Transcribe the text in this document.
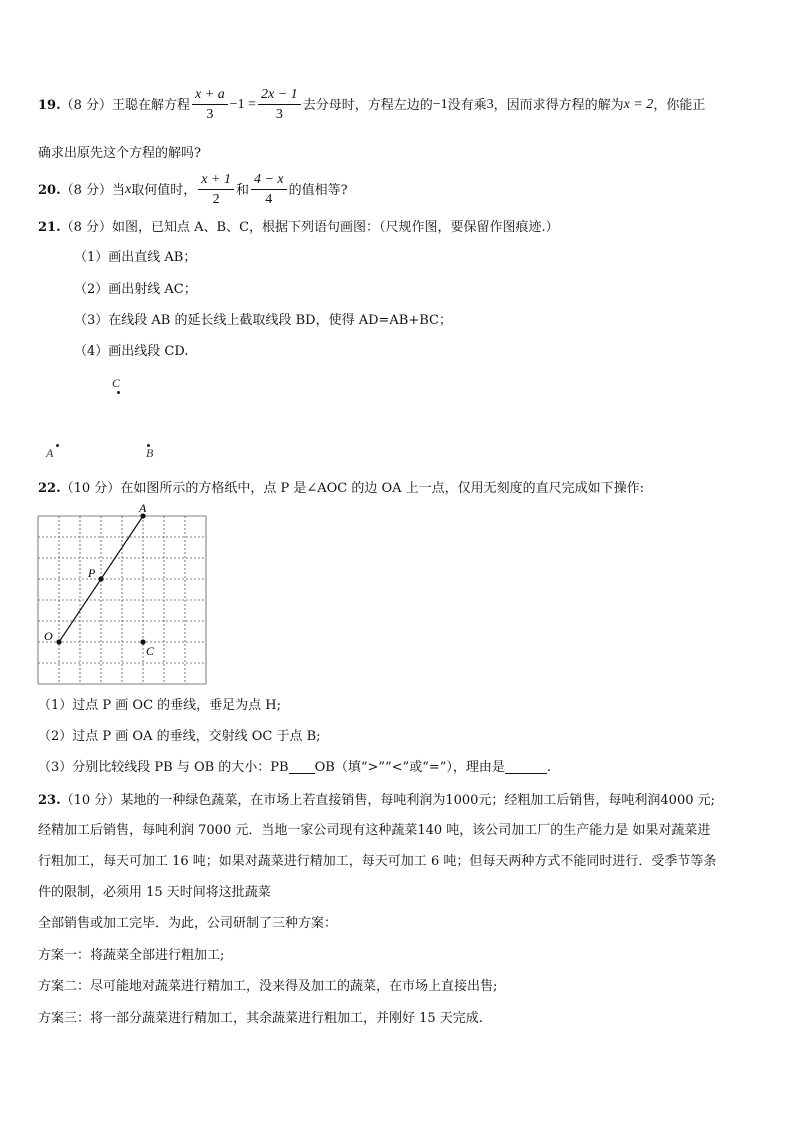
19. （8 分） 王聪在解方程 $\frac{x + a}{3} -1 = \frac{2x - 1}{3}$ 去分母时，方程左边的 −1 没有乘 3 ，因而求得方程的解为 x = 2 ，你能正
确求出原先这个方程的解吗?
20. （8 分） 当 x 取何值时， $\frac{x + 1}{2}$ 和 $\frac{4 - x}{4}$ 的值相等?
21. （8 分） 如图，已知点 A、B、C，根据下列语句画图：（尺规作图，要保留作图痕迹.）
（1）画出直线 AB；
（2）画出射线 AC；
（3）在线段 AB 的延长线上截取线段 BD，使得 AD=AB+BC；
（4）画出线段 CD.
C
A	B
22. （10 分） 在如图所示的方格纸中，点 P 是∠AOC 的边 OA 上一点，仅用无刻度的直尺完成如下操作:
A
P
O
C
（1）过点 P 画 OC 的垂线，垂足为点 H;
（2）过点 P 画 OA 的垂线，交射线 OC 于点 B;
（3）分别比较线段 PB 与 OB 的大小：PB OB（填“>”“<”或“=”），理由是	.
23. （10 分） 某地的一种绿色蔬菜，在市场上若直接销售，每吨利润为1000元；经粗加工后销售，每吨利润4000 元;
经精加工后销售，每吨利润 7000 元．当地一家公司现有这种蔬菜140 吨，该公司加工厂的生产能力是 如果对蔬菜进
行粗加工，每天可加工 16 吨；如果对蔬菜进行精加工，每天可加工 6 吨；但每天两种方式不能同时进行．受季节等条
件的限制，必须用 15 天时间将这批蔬菜
全部销售或加工完毕．为此，公司研制了三种方案：
方案一：将蔬菜全部进行粗加工;
方案二：尽可能地对蔬菜进行精加工，没来得及加工的蔬菜，在市场上直接出售;
方案三：将一部分蔬菜进行精加工，其余蔬菜进行粗加工，并刚好 15 天完成.
